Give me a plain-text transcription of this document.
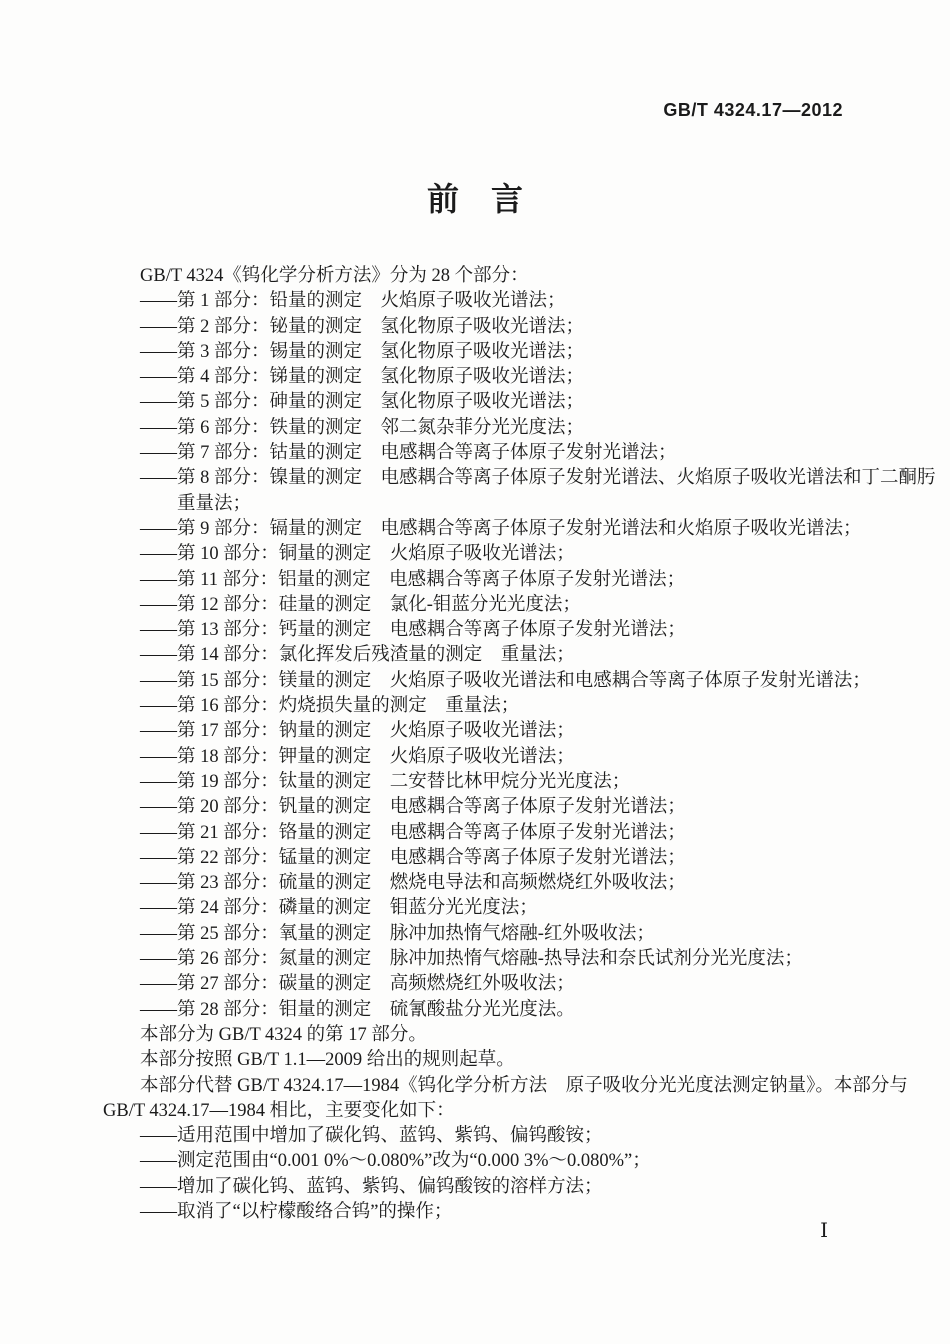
GB/T 4324.17—2012
前　言
GB/T 4324《钨化学分析方法》分为 28 个部分：
——第 1 部分：铅量的测定　火焰原子吸收光谱法；
——第 2 部分：铋量的测定　氢化物原子吸收光谱法；
——第 3 部分：锡量的测定　氢化物原子吸收光谱法；
——第 4 部分：锑量的测定　氢化物原子吸收光谱法；
——第 5 部分：砷量的测定　氢化物原子吸收光谱法；
——第 6 部分：铁量的测定　邻二氮杂菲分光光度法；
——第 7 部分：钴量的测定　电感耦合等离子体原子发射光谱法；
——第 8 部分：镍量的测定　电感耦合等离子体原子发射光谱法、火焰原子吸收光谱法和丁二酮肟
重量法；
——第 9 部分：镉量的测定　电感耦合等离子体原子发射光谱法和火焰原子吸收光谱法；
——第 10 部分：铜量的测定　火焰原子吸收光谱法；
——第 11 部分：铝量的测定　电感耦合等离子体原子发射光谱法；
——第 12 部分：硅量的测定　氯化-钼蓝分光光度法；
——第 13 部分：钙量的测定　电感耦合等离子体原子发射光谱法；
——第 14 部分：氯化挥发后残渣量的测定　重量法；
——第 15 部分：镁量的测定　火焰原子吸收光谱法和电感耦合等离子体原子发射光谱法；
——第 16 部分：灼烧损失量的测定　重量法；
——第 17 部分：钠量的测定　火焰原子吸收光谱法；
——第 18 部分：钾量的测定　火焰原子吸收光谱法；
——第 19 部分：钛量的测定　二安替比林甲烷分光光度法；
——第 20 部分：钒量的测定　电感耦合等离子体原子发射光谱法；
——第 21 部分：铬量的测定　电感耦合等离子体原子发射光谱法；
——第 22 部分：锰量的测定　电感耦合等离子体原子发射光谱法；
——第 23 部分：硫量的测定　燃烧电导法和高频燃烧红外吸收法；
——第 24 部分：磷量的测定　钼蓝分光光度法；
——第 25 部分：氧量的测定　脉冲加热惰气熔融-红外吸收法；
——第 26 部分：氮量的测定　脉冲加热惰气熔融-热导法和奈氏试剂分光光度法；
——第 27 部分：碳量的测定　高频燃烧红外吸收法；
——第 28 部分：钼量的测定　硫氰酸盐分光光度法。
本部分为 GB/T 4324 的第 17 部分。
本部分按照 GB/T 1.1—2009 给出的规则起草。
本部分代替 GB/T 4324.17—1984《钨化学分析方法　原子吸收分光光度法测定钠量》。本部分与
GB/T 4324.17—1984 相比，主要变化如下：
——适用范围中增加了碳化钨、蓝钨、紫钨、偏钨酸铵；
——测定范围由“0.001 0%～0.080%”改为“0.000 3%～0.080%”；
——增加了碳化钨、蓝钨、紫钨、偏钨酸铵的溶样方法；
——取消了“以柠檬酸络合钨”的操作；
Ⅰ
